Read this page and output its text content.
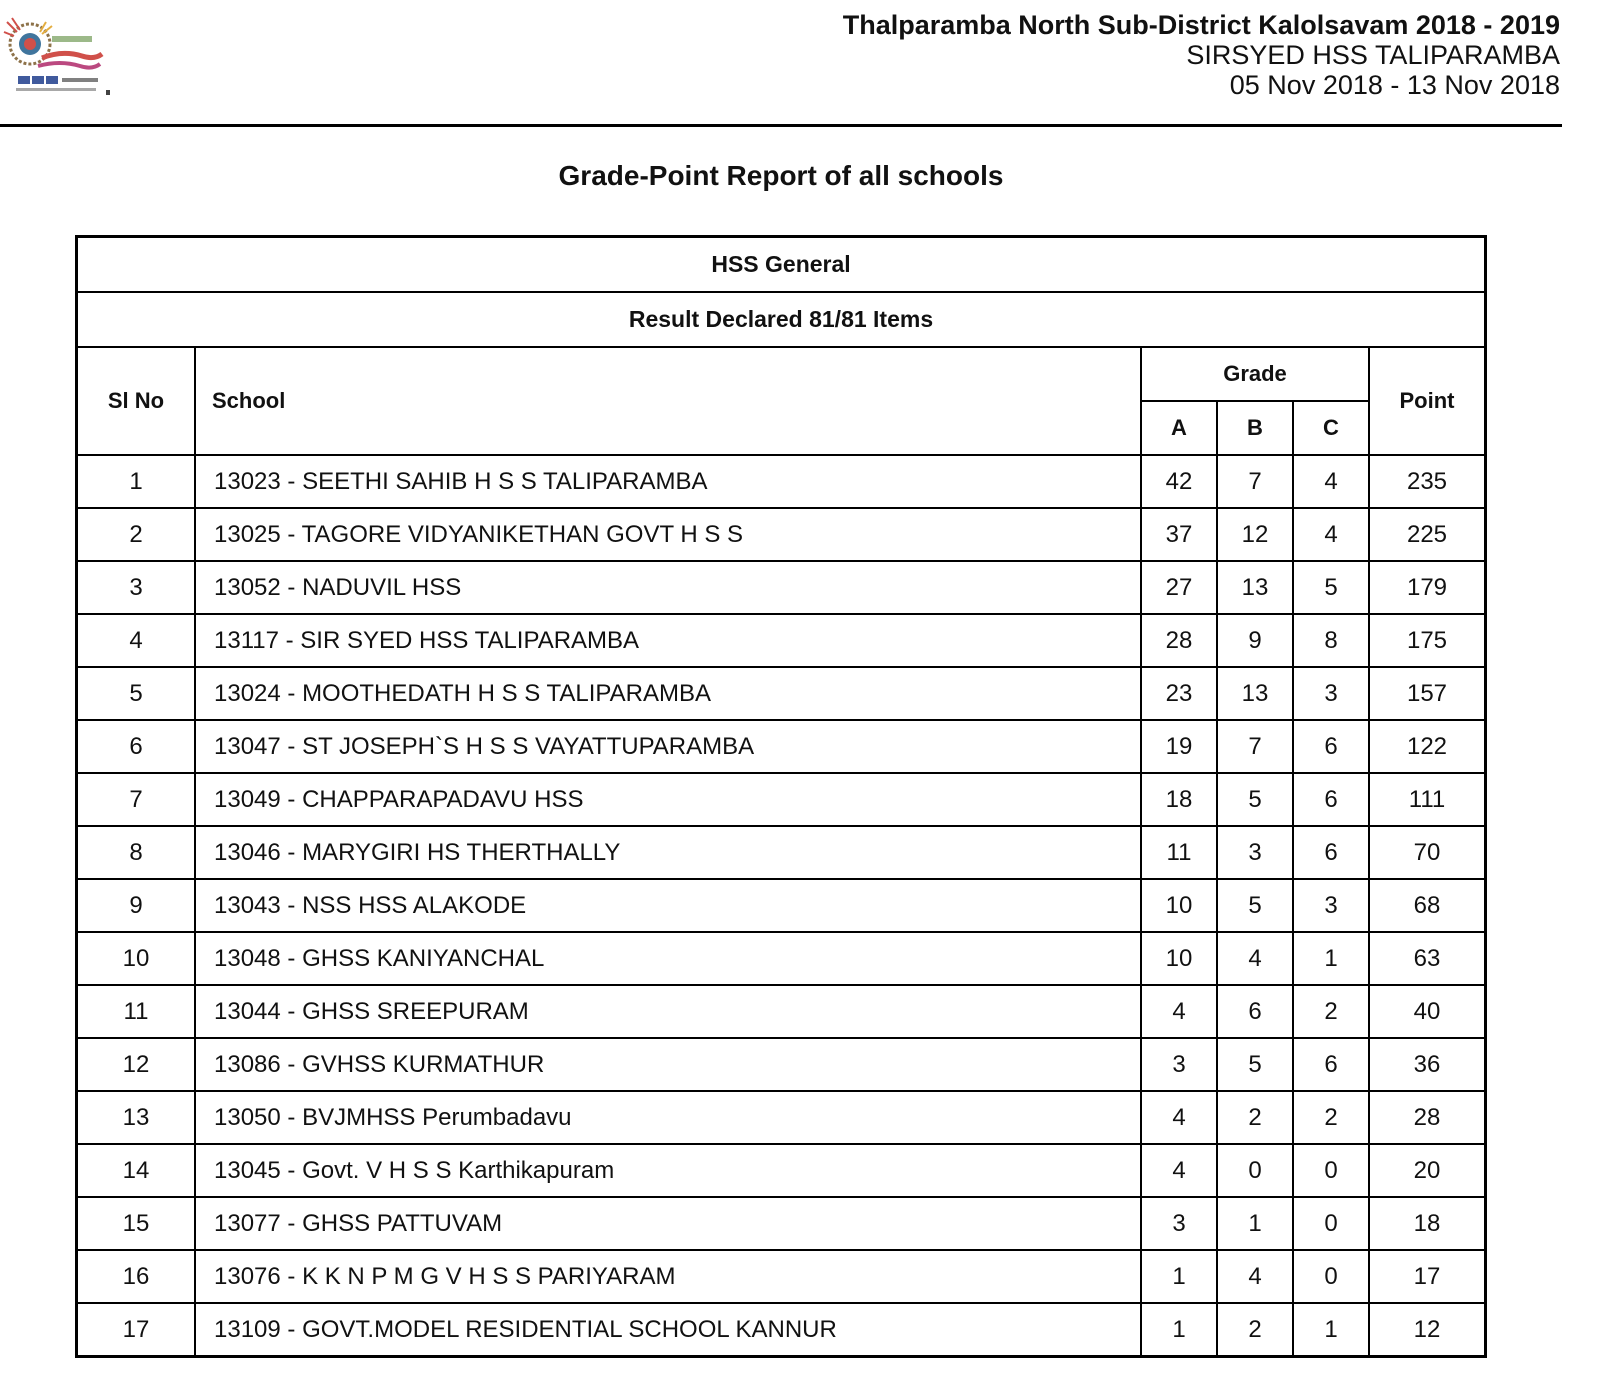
Thalparamba North Sub-District Kalolsavam 2018 - 2019
SIRSYED HSS TALIPARAMBA
05 Nov 2018 - 13 Nov 2018
Grade-Point Report of all schools
HSS General					
Result Declared 81/81 Items					
Sl No	School	Grade			Point
		A	B	C	
1	13023 - SEETHI SAHIB H S S TALIPARAMBA	42	7	4	235
2	13025 - TAGORE VIDYANIKETHAN GOVT H S S	37	12	4	225
3	13052 - NADUVIL HSS	27	13	5	179
4	13117 - SIR SYED HSS TALIPARAMBA	28	9	8	175
5	13024 - MOOTHEDATH H S S TALIPARAMBA	23	13	3	157
6	13047 - ST JOSEPH`S H S S VAYATTUPARAMBA	19	7	6	122
7	13049 - CHAPPARAPADAVU HSS	18	5	6	111
8	13046 - MARYGIRI HS THERTHALLY	11	3	6	70
9	13043 - NSS HSS ALAKODE	10	5	3	68
10	13048 - GHSS KANIYANCHAL	10	4	1	63
11	13044 - GHSS SREEPURAM	4	6	2	40
12	13086 - GVHSS KURMATHUR	3	5	6	36
13	13050 - BVJMHSS Perumbadavu	4	2	2	28
14	13045 - Govt. V H S S Karthikapuram	4	0	0	20
15	13077 - GHSS PATTUVAM	3	1	0	18
16	13076 - K K N P M G V H S S PARIYARAM	1	4	0	17
17	13109 - GOVT.MODEL RESIDENTIAL SCHOOL KANNUR	1	2	1	12
